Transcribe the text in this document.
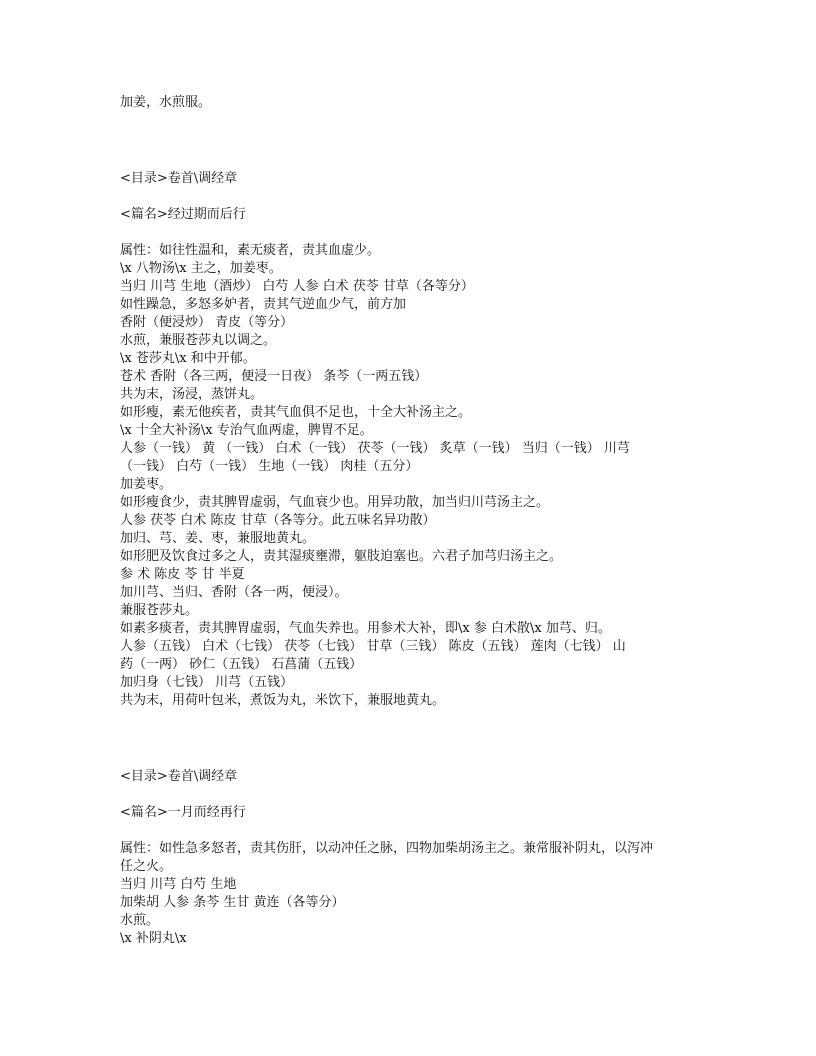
加姜，水煎服。
<目录>卷首\调经章
<篇名>经过期而后行
属性：如往性温和，素无痰者，责其血虚少。
\x 八物汤\x 主之，加姜枣。
当归 川芎 生地（酒炒） 白芍 人参 白术 茯苓 甘草（各等分）
如性躁急，多怒多妒者，责其气逆血少气，前方加
香附（便浸炒） 青皮（等分）
水煎，兼服苍莎丸以调之。
\x 苍莎丸\x 和中开郁。
苍术 香附（各三两，便浸一日夜） 条芩（一两五钱）
共为末，汤浸，蒸饼丸。
如形瘦，素无他疾者，责其气血俱不足也，十全大补汤主之。
\x 十全大补汤\x 专治气血两虚，脾胃不足。
人参（一钱） 黄 （一钱） 白术（一钱） 茯苓（一钱） 炙草（一钱） 当归（一钱） 川芎
（一钱） 白芍（一钱） 生地（一钱） 肉桂（五分）
加姜枣。
如形瘦食少，责其脾胃虚弱，气血衰少也。用异功散，加当归川芎汤主之。
人参 茯苓 白术 陈皮 甘草（各等分。此五味名异功散）
加归、芎、姜、枣，兼服地黄丸。
如形肥及饮食过多之人，责其湿痰壅滞，躯肢迫塞也。六君子加芎归汤主之。
参 术 陈皮 苓 甘 半夏
加川芎、当归、香附（各一两，便浸）。
兼服苍莎丸。
如素多痰者，责其脾胃虚弱，气血失养也。用参术大补，即\x 参 白术散\x 加芎、归。
人参（五钱） 白术（七钱） 茯苓（七钱） 甘草（三钱） 陈皮（五钱） 莲肉（七钱） 山
药（一两） 砂仁（五钱） 石菖蒲（五钱）
加归身（七钱） 川芎（五钱）
共为末，用荷叶包米，煮饭为丸，米饮下，兼服地黄丸。
<目录>卷首\调经章
<篇名>一月而经再行
属性：如性急多怒者，责其伤肝，以动冲任之脉，四物加柴胡汤主之。兼常服补阴丸，以泻冲
任之火。
当归 川芎 白芍 生地
加柴胡 人参 条芩 生甘 黄连（各等分）
水煎。
\x 补阴丸\x
